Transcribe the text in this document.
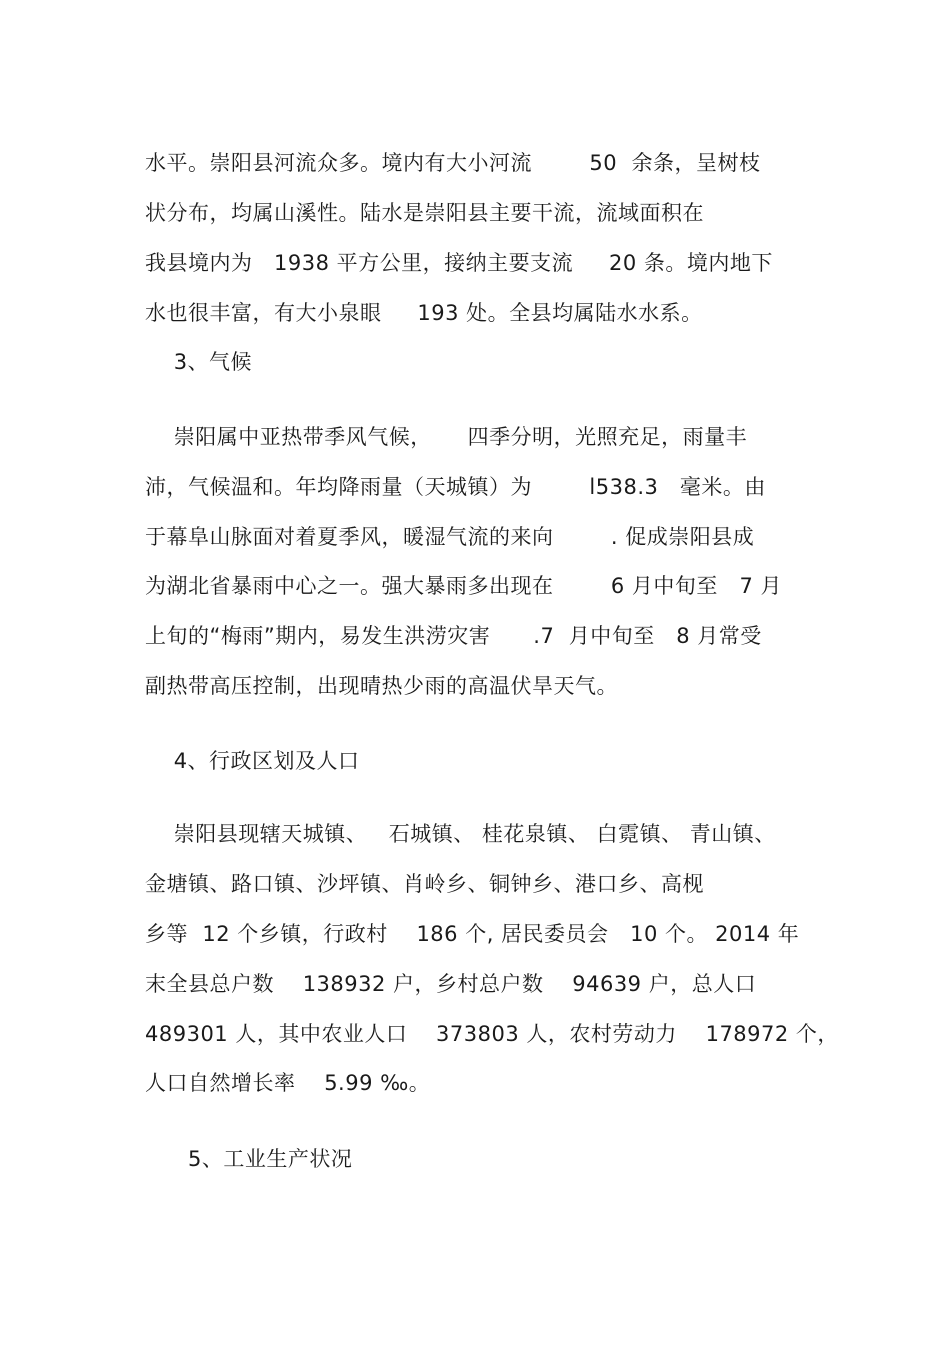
水平。崇阳县河流众多。境内有大小河流        50  余条，呈树枝

状分布，均属山溪性。陆水是崇阳县主要干流，流域面积在

我县境内为   1938 平方公里，接纳主要支流     20 条。境内地下

水也很丰富，有大小泉眼     193 处。全县均属陆水水系。

3、气候

崇阳属中亚热带季风气候，     四季分明，光照充足，雨量丰

沛，气候温和。年均降雨量（天城镇）为        l538.3   毫米。由

于幕阜山脉面对着夏季风，暖湿气流的来向        . 促成崇阳县成

为湖北省暴雨中心之一。强大暴雨多出现在        6 月中旬至   7 月

上旬的“梅雨”期内，易发生洪涝灾害      .7  月中旬至   8 月常受

副热带高压控制，出现晴热少雨的高温伏旱天气。

4、行政区划及人口

崇阳县现辖天城镇、   石城镇、 桂花泉镇、 白霓镇、 青山镇、

金塘镇、路口镇、沙坪镇、肖岭乡、铜钟乡、港口乡、高枧

乡等  12 个乡镇，行政村    186 个, 居民委员会   10 个。 2014 年

末全县总户数    138932 户，乡村总户数    94639 户，总人口

489301 人，其中农业人口    373803 人，农村劳动力    178972 个，

人口自然增长率    5.99 ‰。

5、工业生产状况
